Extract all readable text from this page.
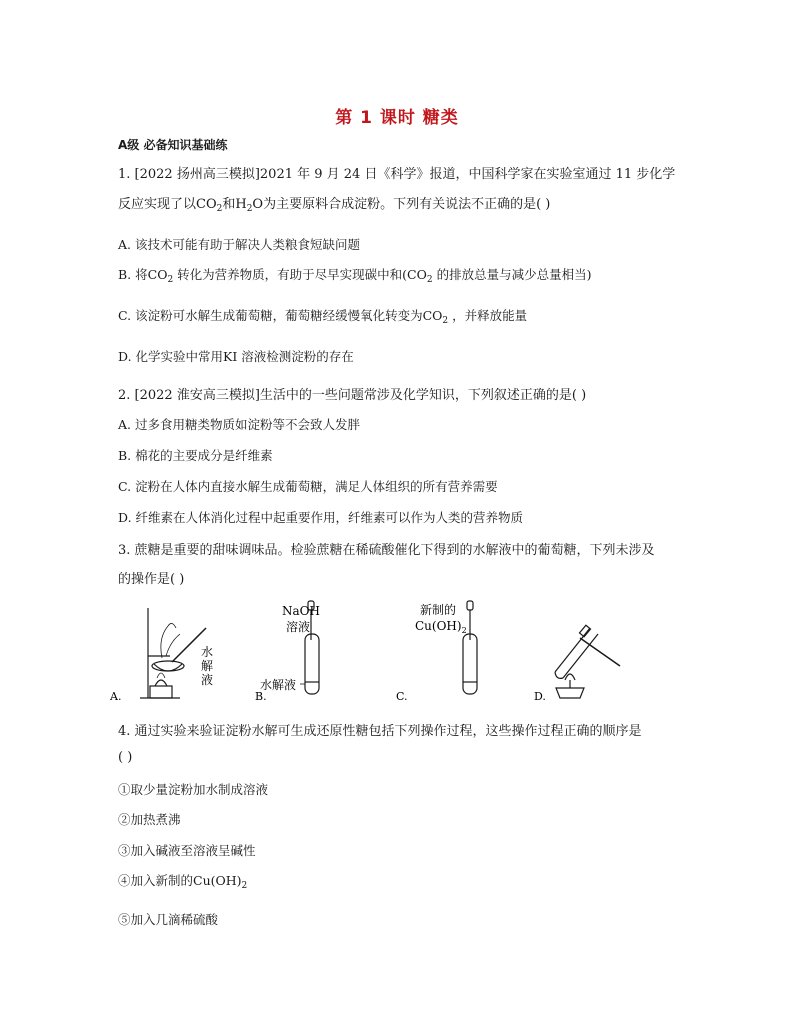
第 1 课时 糖类
A级 必备知识基础练
1. [2022 扬州高三模拟]2021 年 9 月 24 日《科学》报道，中国科学家在实验室通过 11 步化学
反应实现了以$CO_2$和$H_2O$为主要原料合成淀粉。下列有关说法不正确的是( )
A. 该技术可能有助于解决人类粮食短缺问题
B. 将$CO_2$ 转化为营养物质，有助于尽早实现碳中和($CO_2$ 的排放总量与减少总量相当)
C. 该淀粉可水解生成葡萄糖，葡萄糖经缓慢氧化转变为$CO_2$ ，并释放能量
D. 化学实验中常用KI 溶液检测淀粉的存在
2. [2022 淮安高三模拟]生活中的一些问题常涉及化学知识，下列叙述正确的是( )
A. 过多食用糖类物质如淀粉等不会致人发胖
B. 棉花的主要成分是纤维素
C. 淀粉在人体内直接水解生成葡萄糖，满足人体组织的所有营养需要
D. 纤维素在人体消化过程中起重要作用，纤维素可以作为人类的营养物质
3. 蔗糖是重要的甜味调味品。检验蔗糖在稀硫酸催化下得到的水解液中的葡萄糖，下列未涉及
的操作是( )
A.
水
解
液
B.
NaOH
溶液
水解液
C.
新制的
$Cu(OH)_2$
D.
4. 通过实验来验证淀粉水解可生成还原性糖包括下列操作过程，这些操作过程正确的顺序是
( )
①取少量淀粉加水制成溶液
②加热煮沸
③加入碱液至溶液呈碱性
④加入新制的$Cu(OH)_2$
⑤加入几滴稀硫酸
